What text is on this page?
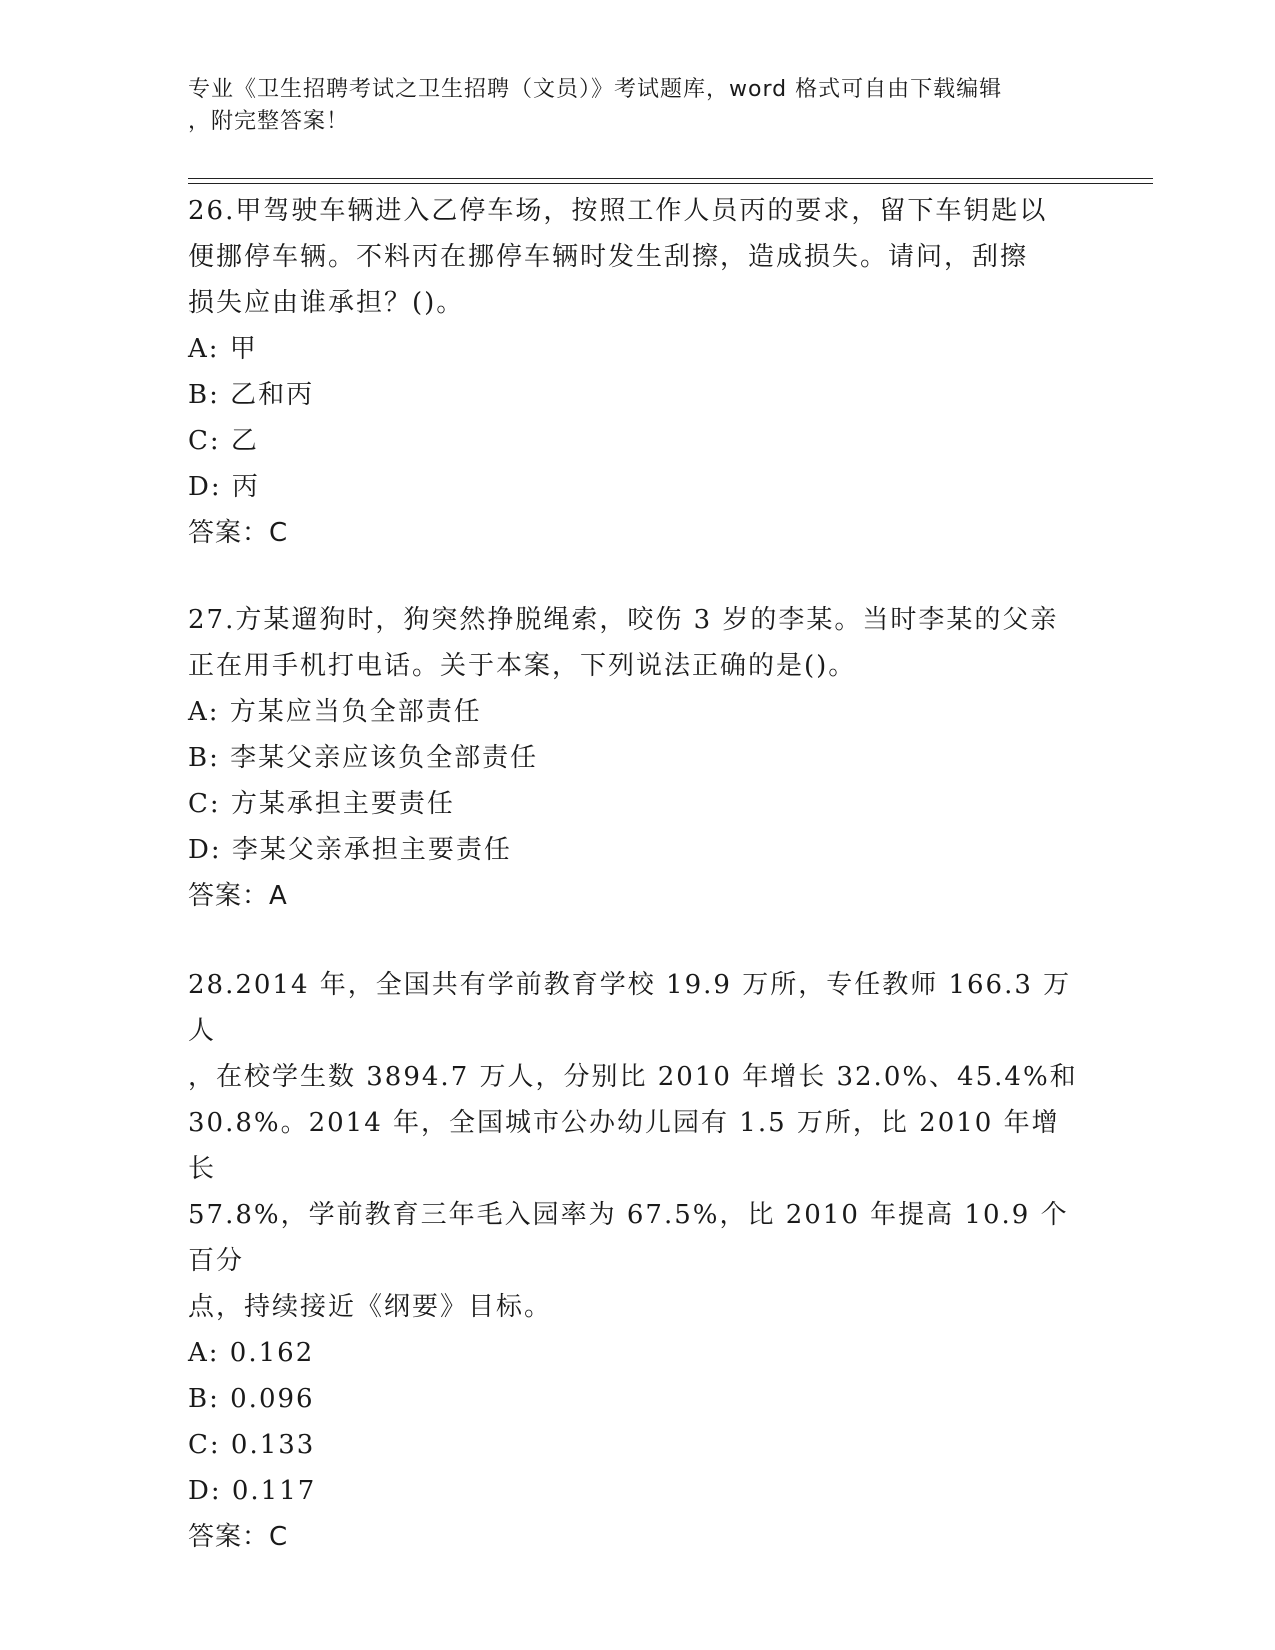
专业《卫生招聘考试之卫生招聘（文员）》考试题库，word 格式可自由下载编辑
，附完整答案！

26.甲驾驶车辆进入乙停车场，按照工作人员丙的要求，留下车钥匙以

便挪停车辆。不料丙在挪停车辆时发生刮擦，造成损失。请问，刮擦

损失应由谁承担？()。

A: 甲

B: 乙和丙

C: 乙

D: 丙

答案：C

27.方某遛狗时，狗突然挣脱绳索，咬伤 3 岁的李某。当时李某的父亲

正在用手机打电话。关于本案，下列说法正确的是()。

A: 方某应当负全部责任

B: 李某父亲应该负全部责任

C: 方某承担主要责任

D: 李某父亲承担主要责任

答案：A

28.2014 年，全国共有学前教育学校 19.9 万所，专任教师 166.3 万人

，在校学生数 3894.7 万人，分别比 2010 年增长 32.0%、45.4%和

30.8%。2014 年，全国城市公办幼儿园有 1.5 万所，比 2010 年增长

57.8%，学前教育三年毛入园率为 67.5%，比 2010 年提高 10.9 个百分

点，持续接近《纲要》目标。

A: 0.162

B: 0.096

C: 0.133

D: 0.117

答案：C
